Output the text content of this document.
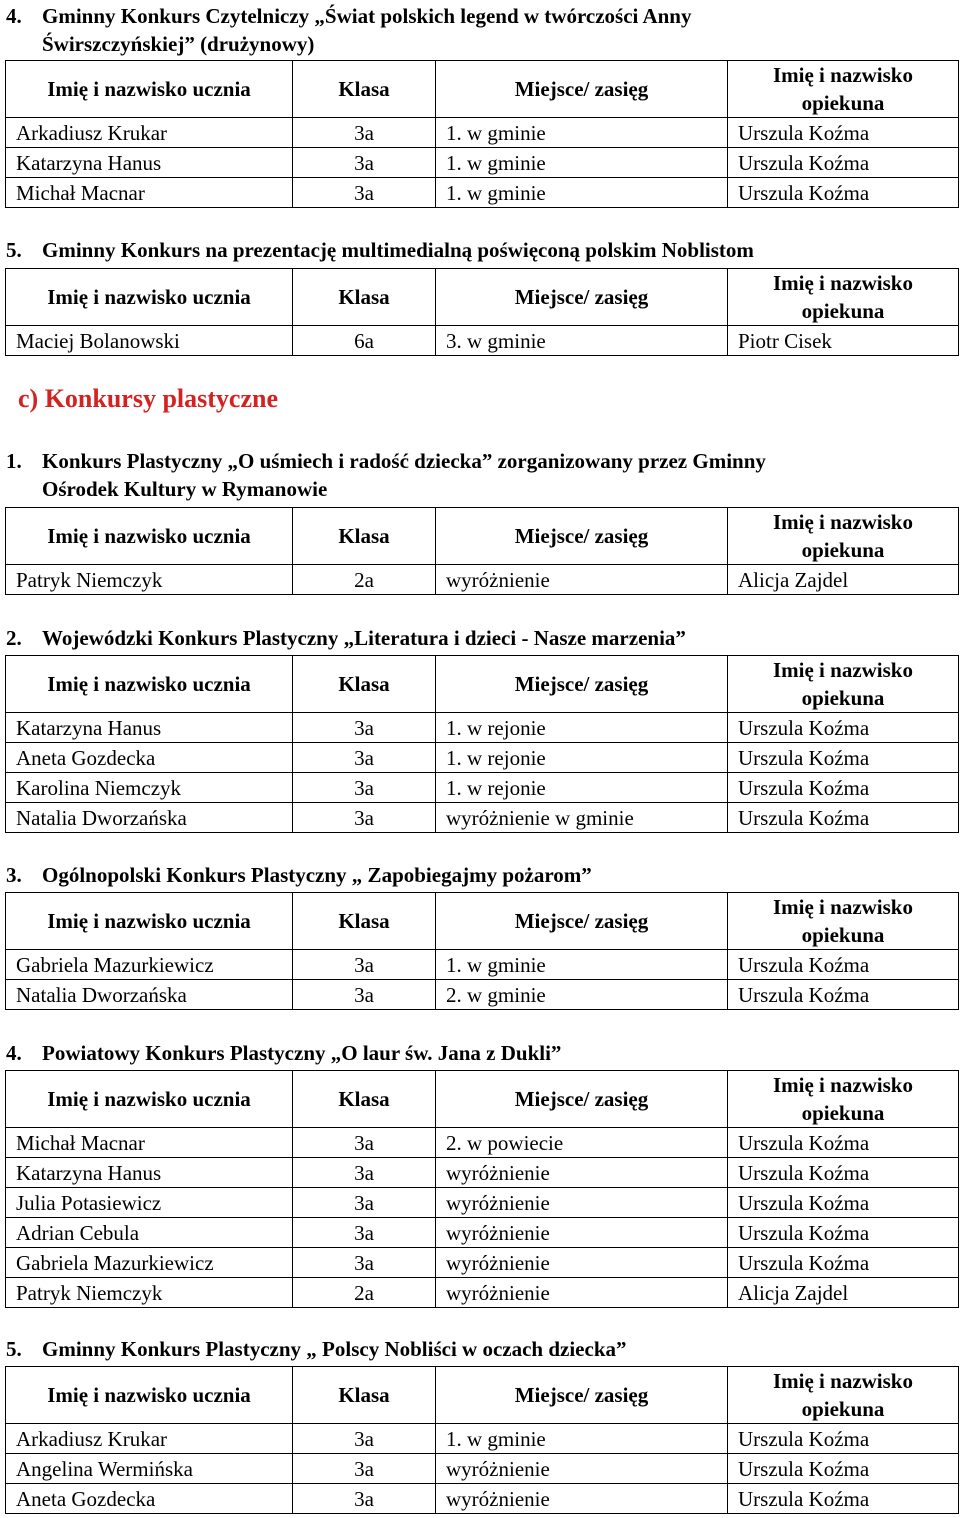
c) Konkursy plastyczne
4. Gminny Konkurs Czytelniczy „Świat polskich legend w twórczości Anny
Świrszczyńskiej” (drużynowy)
Imię i nazwisko ucznia	Klasa	Miejsce/ zasięg	Imię i nazwisko
opiekuna

Arkadiusz Krukar	3a	1. w gminie	Urszula Koźma
Katarzyna Hanus	3a	1. w gminie	Urszula Koźma
Michał Macnar	3a	1. w gminie	Urszula Koźma
5. Gminny Konkurs na prezentację multimedialną poświęconą polskim Noblistom
Imię i nazwisko ucznia	Klasa	Miejsce/ zasięg	Imię i nazwisko
opiekuna

Maciej Bolanowski	6a	3. w gminie	Piotr Cisek
1. Konkurs Plastyczny „O uśmiech i radość dziecka” zorganizowany przez Gminny
Ośrodek Kultury w Rymanowie
Imię i nazwisko ucznia	Klasa	Miejsce/ zasięg	Imię i nazwisko
opiekuna

Patryk Niemczyk	2a	wyróżnienie	Alicja Zajdel
2. Wojewódzki Konkurs Plastyczny „Literatura i dzieci - Nasze marzenia”
Imię i nazwisko ucznia	Klasa	Miejsce/ zasięg	Imię i nazwisko
opiekuna

Katarzyna Hanus	3a	1. w rejonie	Urszula Koźma
Aneta Gozdecka	3a	1. w rejonie	Urszula Koźma
Karolina Niemczyk	3a	1. w rejonie	Urszula Koźma
Natalia Dworzańska	3a	wyróżnienie w gminie	Urszula Koźma
3. Ogólnopolski Konkurs Plastyczny „ Zapobiegajmy pożarom”
Imię i nazwisko ucznia	Klasa	Miejsce/ zasięg	Imię i nazwisko
opiekuna

Gabriela Mazurkiewicz	3a	1. w gminie	Urszula Koźma
Natalia Dworzańska	3a	2. w gminie	Urszula Koźma
4. Powiatowy Konkurs Plastyczny „O laur św. Jana z Dukli”
Imię i nazwisko ucznia	Klasa	Miejsce/ zasięg	Imię i nazwisko
opiekuna

Michał Macnar	3a	2. w powiecie	Urszula Koźma
Katarzyna Hanus	3a	wyróżnienie	Urszula Koźma
Julia Potasiewicz	3a	wyróżnienie	Urszula Koźma
Adrian Cebula	3a	wyróżnienie	Urszula Koźma
Gabriela Mazurkiewicz	3a	wyróżnienie	Urszula Koźma
Patryk Niemczyk	2a	wyróżnienie	Alicja Zajdel
5. Gminny Konkurs Plastyczny „ Polscy Nobliści w oczach dziecka”
Imię i nazwisko ucznia	Klasa	Miejsce/ zasięg	Imię i nazwisko
opiekuna

Arkadiusz Krukar	3a	1. w gminie	Urszula Koźma
Angelina Wermińska	3a	wyróżnienie	Urszula Koźma
Aneta Gozdecka	3a	wyróżnienie	Urszula Koźma
